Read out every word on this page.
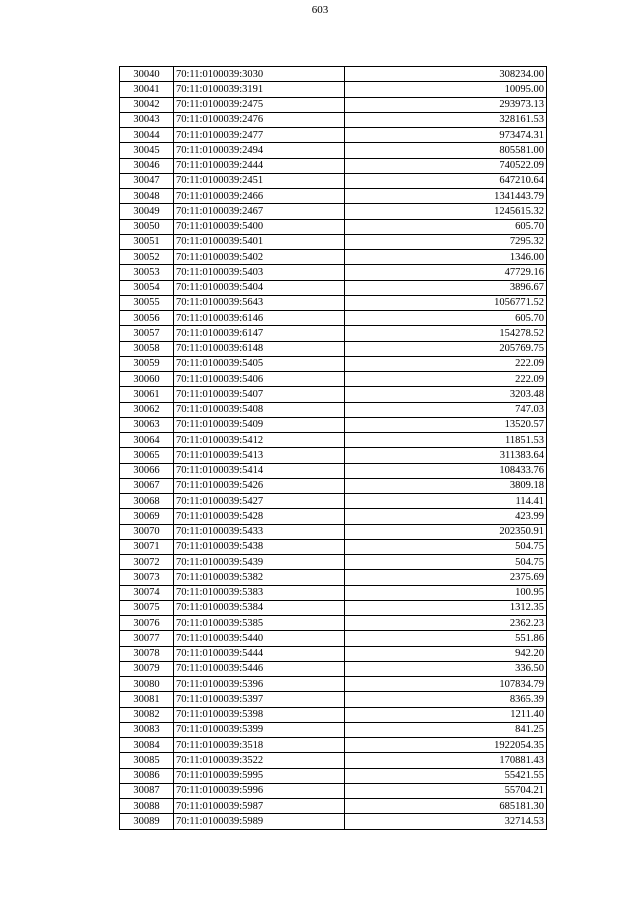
603
30040	70:11:0100039:3030	308234.00
30041	70:11:0100039:3191	10095.00
30042	70:11:0100039:2475	293973.13
30043	70:11:0100039:2476	328161.53
30044	70:11:0100039:2477	973474.31
30045	70:11:0100039:2494	805581.00
30046	70:11:0100039:2444	740522.09
30047	70:11:0100039:2451	647210.64
30048	70:11:0100039:2466	1341443.79
30049	70:11:0100039:2467	1245615.32
30050	70:11:0100039:5400	605.70
30051	70:11:0100039:5401	7295.32
30052	70:11:0100039:5402	1346.00
30053	70:11:0100039:5403	47729.16
30054	70:11:0100039:5404	3896.67
30055	70:11:0100039:5643	1056771.52
30056	70:11:0100039:6146	605.70
30057	70:11:0100039:6147	154278.52
30058	70:11:0100039:6148	205769.75
30059	70:11:0100039:5405	222.09
30060	70:11:0100039:5406	222.09
30061	70:11:0100039:5407	3203.48
30062	70:11:0100039:5408	747.03
30063	70:11:0100039:5409	13520.57
30064	70:11:0100039:5412	11851.53
30065	70:11:0100039:5413	311383.64
30066	70:11:0100039:5414	108433.76
30067	70:11:0100039:5426	3809.18
30068	70:11:0100039:5427	114.41
30069	70:11:0100039:5428	423.99
30070	70:11:0100039:5433	202350.91
30071	70:11:0100039:5438	504.75
30072	70:11:0100039:5439	504.75
30073	70:11:0100039:5382	2375.69
30074	70:11:0100039:5383	100.95
30075	70:11:0100039:5384	1312.35
30076	70:11:0100039:5385	2362.23
30077	70:11:0100039:5440	551.86
30078	70:11:0100039:5444	942.20
30079	70:11:0100039:5446	336.50
30080	70:11:0100039:5396	107834.79
30081	70:11:0100039:5397	8365.39
30082	70:11:0100039:5398	1211.40
30083	70:11:0100039:5399	841.25
30084	70:11:0100039:3518	1922054.35
30085	70:11:0100039:3522	170881.43
30086	70:11:0100039:5995	55421.55
30087	70:11:0100039:5996	55704.21
30088	70:11:0100039:5987	685181.30
30089	70:11:0100039:5989	32714.53
